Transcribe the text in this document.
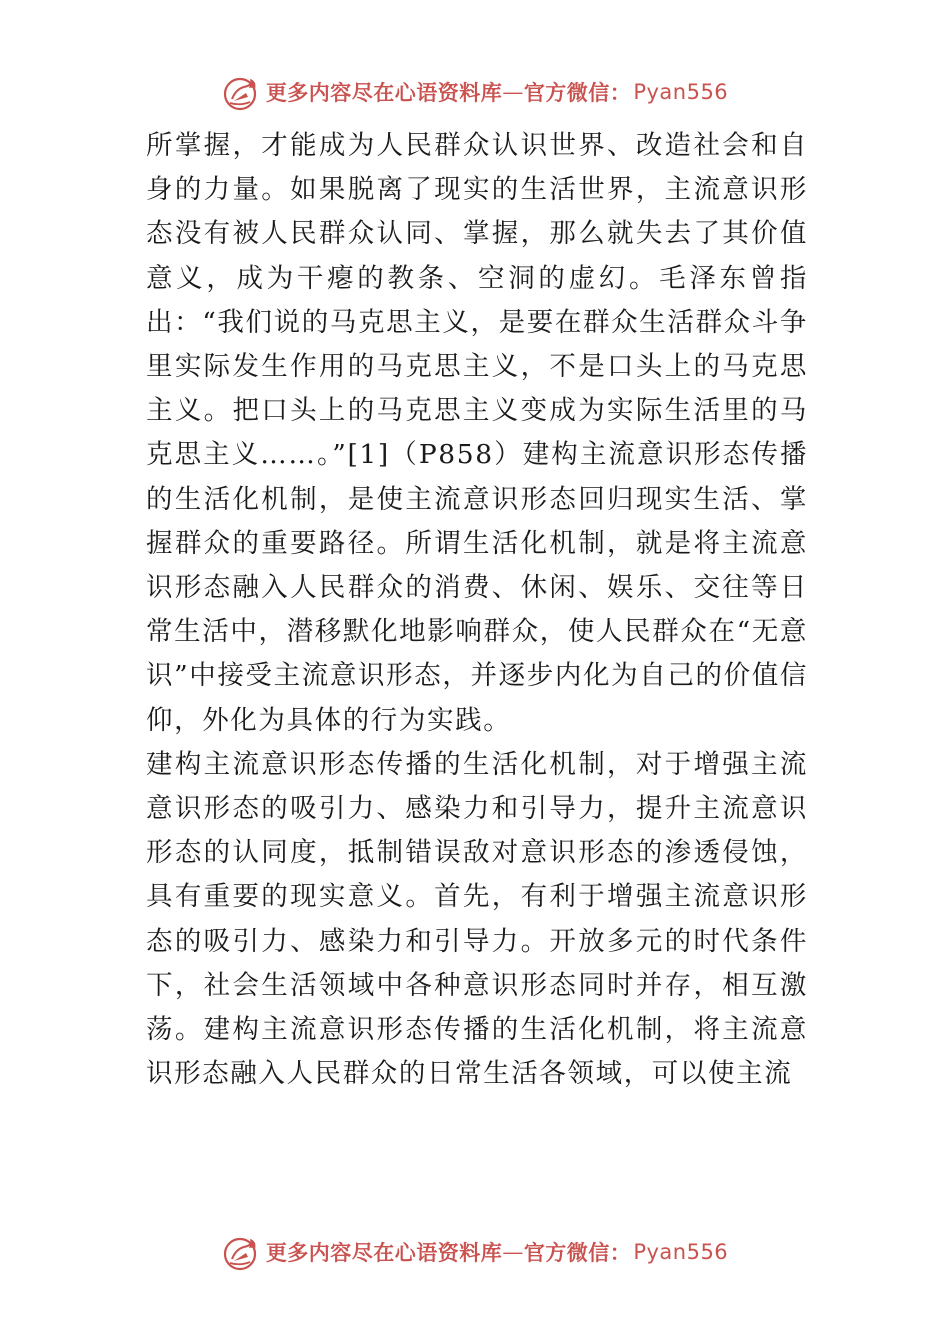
更多内容尽在心语资料库 — 官方微信： Pyan556

所掌握，才能成为人民群众认识世界、改造社会和自身的力量。如果脱离了现实的生活世界，主流意识形态没有被人民群众认同、掌握，那么就失去了其价值意义，成为干瘪的教条、空洞的虚幻。毛泽东曾指出：“我们说的马克思主义，是要在群众生活群众斗争里实际发生作用的马克思主义，不是口头上的马克思主义。把口头上的马克思主义变成为实际生活里的马克思主义……。”[1]（P858）建构主流意识形态传播的生活化机制，是使主流意识形态回归现实生活、掌握群众的重要路径。所谓生活化机制，就是将主流意识形态融入人民群众的消费、休闲、娱乐、交往等日常生活中，潜移默化地影响群众，使人民群众在“无意识”中接受主流意识形态，并逐步内化为自己的价值信仰，外化为具体的行为实践。

建构主流意识形态传播的生活化机制，对于增强主流意识形态的吸引力、感染力和引导力，提升主流意识形态的认同度，抵制错误敌对意识形态的渗透侵蚀，具有重要的现实意义。首先，有利于增强主流意识形态的吸引力、感染力和引导力。开放多元的时代条件下，社会生活领域中各种意识形态同时并存，相互激荡。建构主流意识形态传播的生活化机制，将主流意识形态融入人民群众的日常生活各领域，可以使主流

更多内容尽在心语资料库 — 官方微信： Pyan556
